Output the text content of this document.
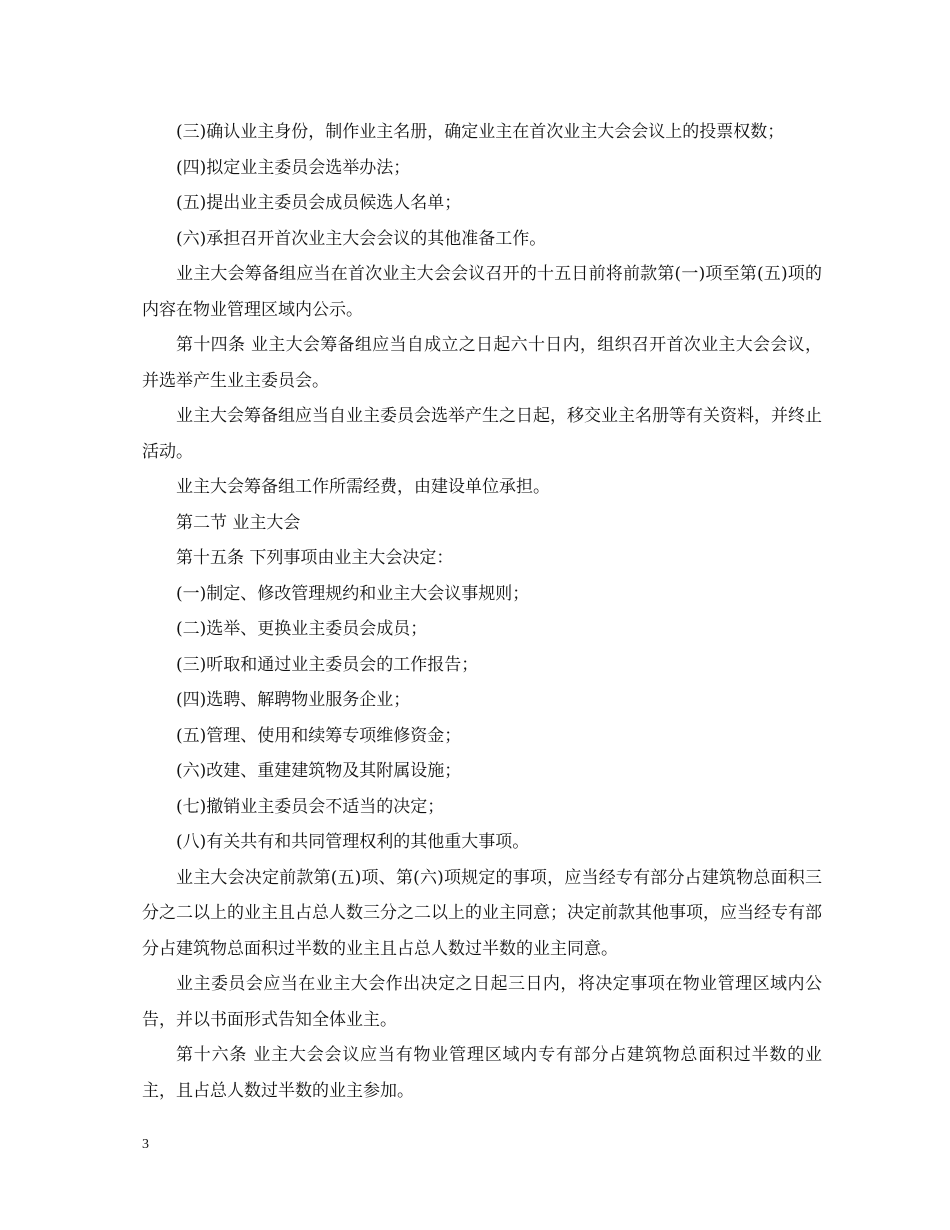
(三)确认业主身份，制作业主名册，确定业主在首次业主大会会议上的投票权数；

(四)拟定业主委员会选举办法；

(五)提出业主委员会成员候选人名单；

(六)承担召开首次业主大会会议的其他准备工作。

业主大会筹备组应当在首次业主大会会议召开的十五日前将前款第(一)项至第(五)项的内容在物业管理区域内公示。

第十四条 业主大会筹备组应当自成立之日起六十日内，组织召开首次业主大会会议，并选举产生业主委员会。

业主大会筹备组应当自业主委员会选举产生之日起，移交业主名册等有关资料，并终止活动。

业主大会筹备组工作所需经费，由建设单位承担。

第二节 业主大会

第十五条 下列事项由业主大会决定：

(一)制定、修改管理规约和业主大会议事规则；

(二)选举、更换业主委员会成员；

(三)听取和通过业主委员会的工作报告；

(四)选聘、解聘物业服务企业；

(五)管理、使用和续筹专项维修资金；

(六)改建、重建建筑物及其附属设施；

(七)撤销业主委员会不适当的决定；

(八)有关共有和共同管理权利的其他重大事项。

业主大会决定前款第(五)项、第(六)项规定的事项，应当经专有部分占建筑物总面积三分之二以上的业主且占总人数三分之二以上的业主同意；决定前款其他事项，应当经专有部分占建筑物总面积过半数的业主且占总人数过半数的业主同意。

业主委员会应当在业主大会作出决定之日起三日内，将决定事项在物业管理区域内公告，并以书面形式告知全体业主。

第十六条 业主大会会议应当有物业管理区域内专有部分占建筑物总面积过半数的业主，且占总人数过半数的业主参加。

3
